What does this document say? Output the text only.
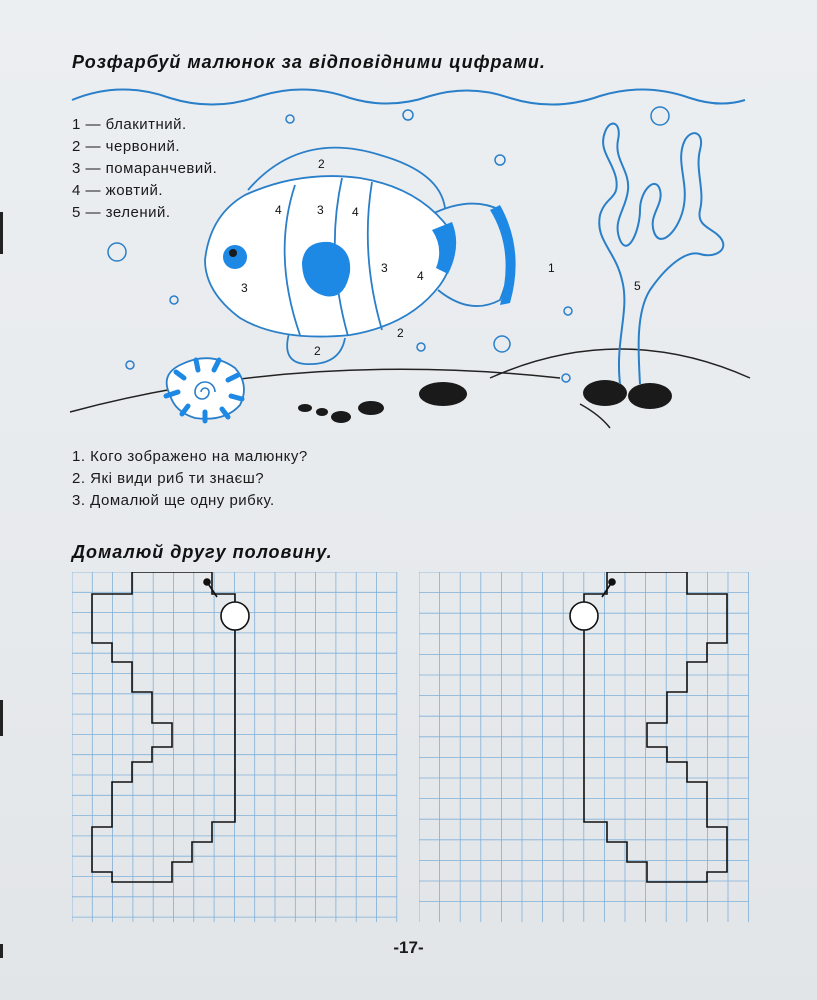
Розфарбуй малюнок за відповідними цифрами.
1 — блакитний.
2 — червоний.
3 — помаранчевий.
4 — жовтий.
5 — зелений.
2
4	3 4
3
3
4
2
2
1
5
1. Кого зображено на малюнку?
2. Які види риб ти знаєш?
3. Домалюй ще одну рибку.
Домалюй другу половину.
-17-
